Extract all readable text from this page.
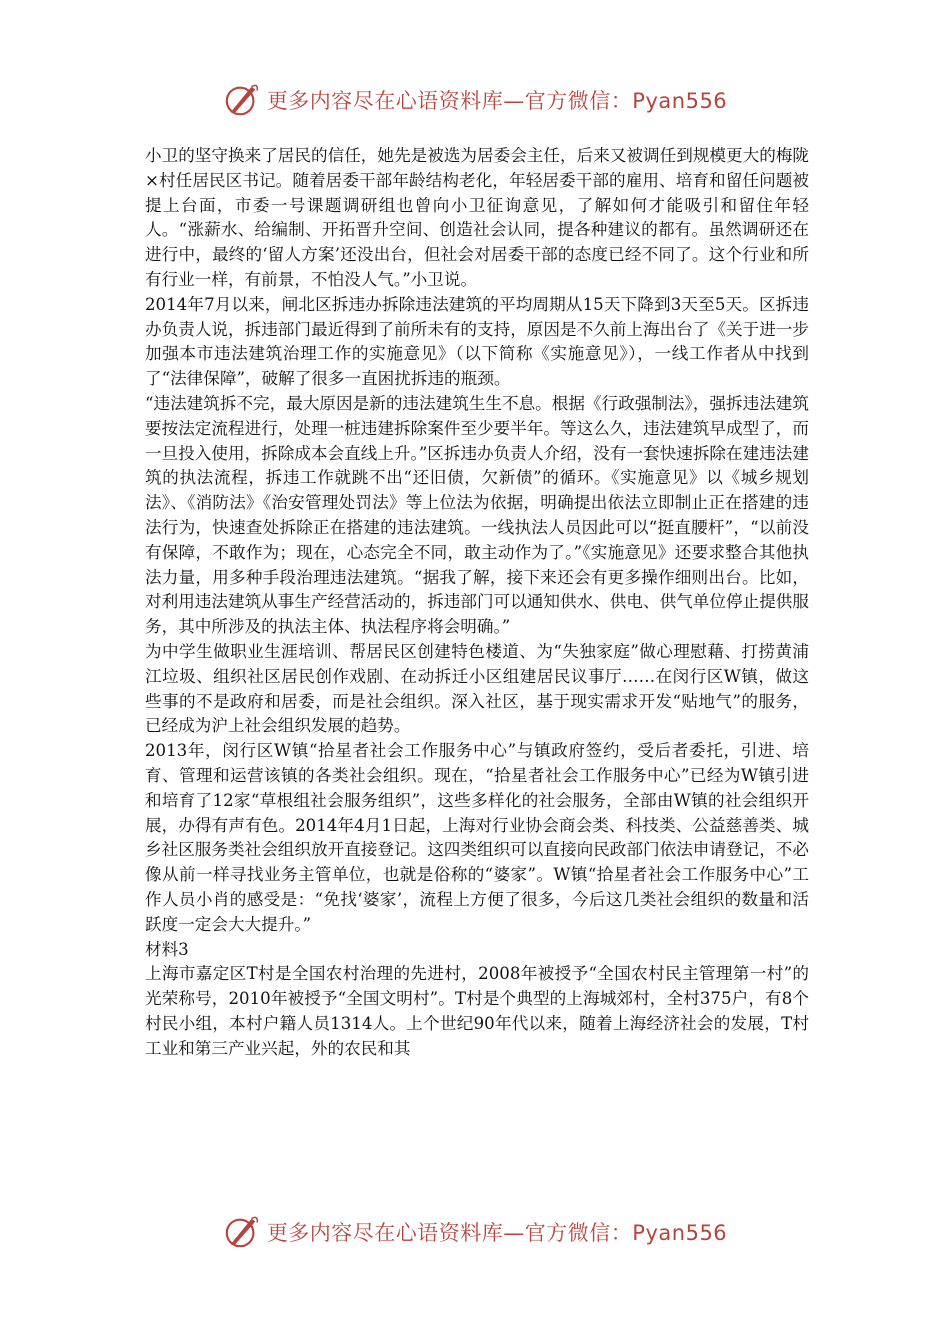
更多内容尽在心语资料库—官方微信：Pyan556

小卫的坚守换来了居民的信任，她先是被选为居委会主任，后来又被调任到规模更大的梅陇×村任居民区书记。随着居委干部年龄结构老化，年轻居委干部的雇用、培育和留任问题被提上台面，市委一号课题调研组也曾向小卫征询意见，了解如何才能吸引和留住年轻人。“涨薪水、给编制、开拓晋升空间、创造社会认同，提各种建议的都有。虽然调研还在进行中，最终的‘留人方案’还没出台，但社会对居委干部的态度已经不同了。这个行业和所有行业一样，有前景，不怕没人气。”小卫说。

2014年7月以来，闸北区拆违办拆除违法建筑的平均周期从15天下降到3天至5天。区拆违办负责人说，拆违部门最近得到了前所未有的支持，原因是不久前上海出台了《关于进一步加强本市违法建筑治理工作的实施意见》（以下简称《实施意见》），一线工作者从中找到了“法律保障”，破解了很多一直困扰拆违的瓶颈。

“违法建筑拆不完，最大原因是新的违法建筑生生不息。根据《行政强制法》，强拆违法建筑要按法定流程进行，处理一桩违建拆除案件至少要半年。等这么久，违法建筑早成型了，而一旦投入使用，拆除成本会直线上升。”区拆违办负责人介绍，没有一套快速拆除在建违法建筑的执法流程，拆违工作就跳不出“还旧债，欠新债”的循环。《实施意见》以《城乡规划法》、《消防法》《治安管理处罚法》等上位法为依据，明确提出依法立即制止正在搭建的违法行为，快速查处拆除正在搭建的违法建筑。一线执法人员因此可以“挺直腰杆”，“以前没有保障，不敢作为；现在，心态完全不同，敢主动作为了。”《实施意见》还要求整合其他执法力量，用多种手段治理违法建筑。“据我了解，接下来还会有更多操作细则出台。比如，对利用违法建筑从事生产经营活动的，拆违部门可以通知供水、供电、供气单位停止提供服务，其中所涉及的执法主体、执法程序将会明确。”

为中学生做职业生涯培训、帮居民区创建特色楼道、为“失独家庭”做心理慰藉、打捞黄浦江垃圾、组织社区居民创作戏剧、在动拆迁小区组建居民议事厅……在闵行区W镇，做这些事的不是政府和居委，而是社会组织。深入社区，基于现实需求开发“贴地气”的服务，已经成为沪上社会组织发展的趋势。

2013年，闵行区W镇“拾星者社会工作服务中心”与镇政府签约，受后者委托，引进、培育、管理和运营该镇的各类社会组织。现在，“拾星者社会工作服务中心”已经为W镇引进和培育了12家“草根组社会服务组织”，这些多样化的社会服务，全部由W镇的社会组织开展，办得有声有色。2014年4月1日起，上海对行业协会商会类、科技类、公益慈善类、城乡社区服务类社会组织放开直接登记。这四类组织可以直接向民政部门依法申请登记，不必像从前一样寻找业务主管单位，也就是俗称的“婆家”。W镇“拾星者社会工作服务中心”工作人员小肖的感受是：“免找‘婆家’，流程上方便了很多，今后这几类社会组织的数量和活跃度一定会大大提升。”

材料3

上海市嘉定区T村是全国农村治理的先进村，2008年被授予“全国农村民主管理第一村”的光荣称号，2010年被授予“全国文明村”。T村是个典型的上海城郊村，全村375户，有8个村民小组，本村户籍人员1314人。上个世纪90年代以来，随着上海经济社会的发展，T村工业和第三产业兴起，外的农民和其

更多内容尽在心语资料库—官方微信：Pyan556
